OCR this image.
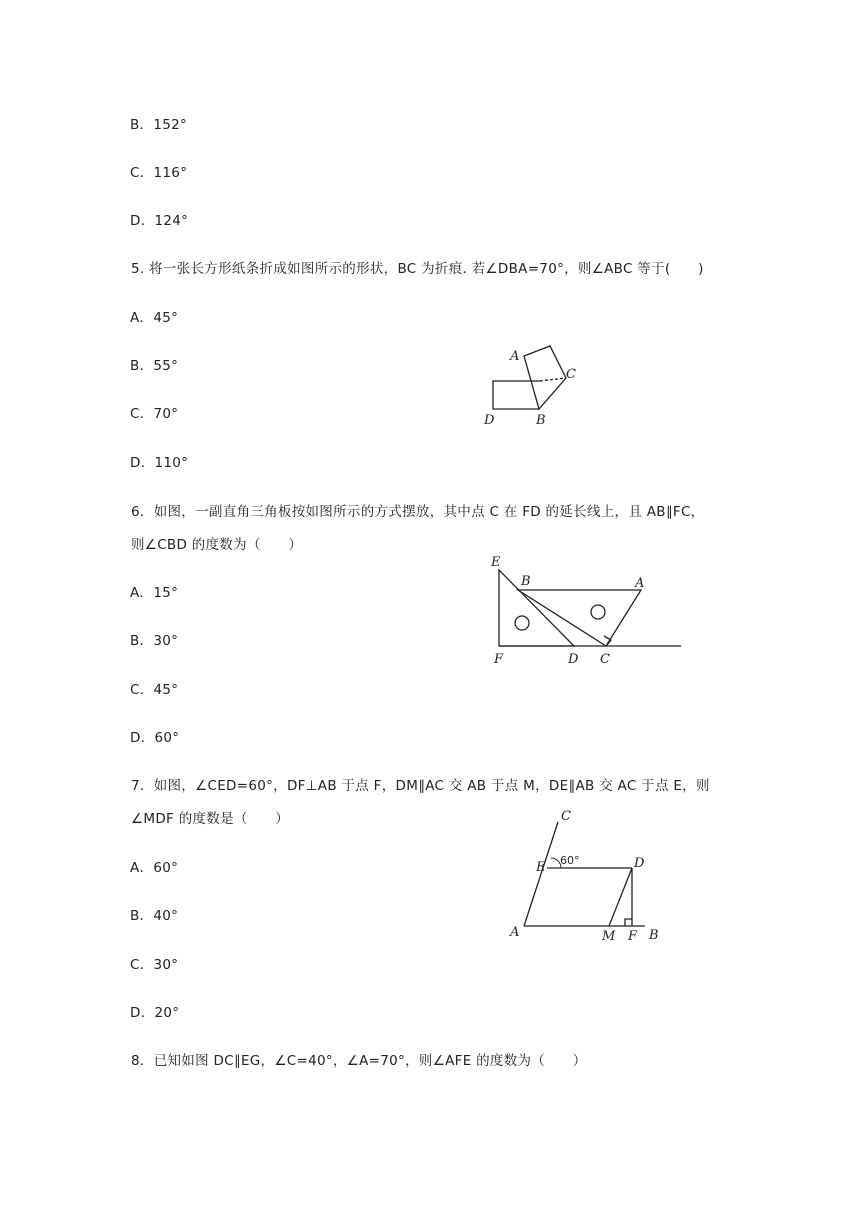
B．152°
C．116°
D．124°
5. 将一张长方形纸条折成如图所示的形状，BC 为折痕. 若∠DBA=70°，则∠ABC 等于(　　)
A．45°
B．55°
C．70°
D．110°
A
C
D	B
6．如图，一副直角三角板按如图所示的方式摆放，其中点 C 在 FD 的延长线上，且 AB∥FC，
则∠CBD 的度数为（　　）
A．15°
B．30°
C．45°
D．60°
E
B	A
F	D C
7．如图，∠CED=60°，DF⊥AB 于点 F，DM∥AC 交 AB 于点 M，DE∥AB 交 AC 于点 E，则
∠MDF 的度数是（　　）
A．60°
B．40°
C．30°
D．20°
C
E 60°	D
A	M F B
8．已知如图 DC∥EG，∠C=40°，∠A=70°，则∠AFE 的度数为（　　）
